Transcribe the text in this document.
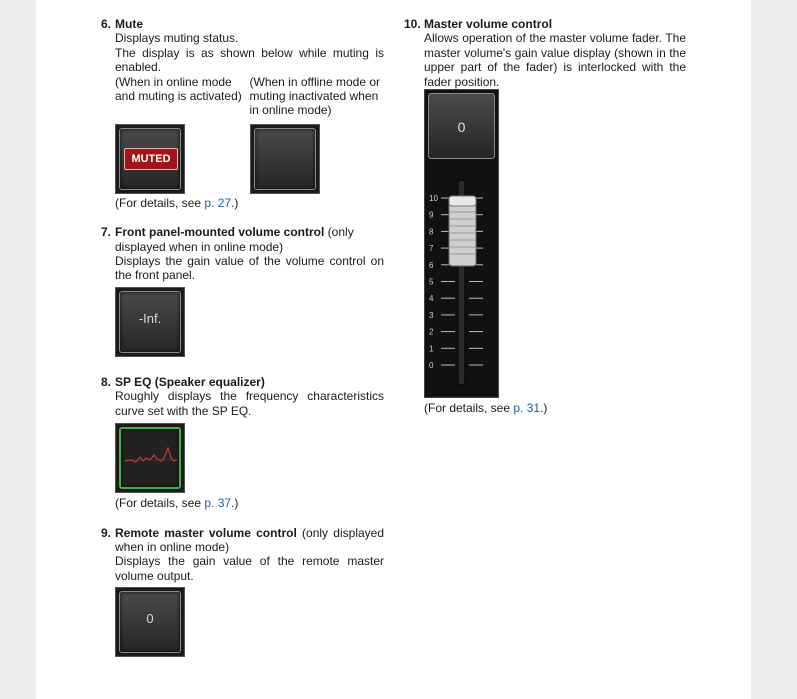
6. Mute
Displays muting status.
The display is as shown below while muting is enabled.
(When in online mode and muting is activated)
(When in offline mode or muting inactivated when in online mode)
MUTED
(For details, see p. 27.)
7. Front panel-mounted volume control (only displayed when in online mode)
Displays the gain value of the volume control on the front panel.
-Inf.
8. SP EQ (Speaker equalizer)
Roughly displays the frequency characteristics curve set with the SP EQ.
(For details, see p. 37.)
9. Remote master volume control (only displayed when in online mode)
Displays the gain value of the remote master volume output.
0
10. Master volume control
Allows operation of the master volume fader. The master volume's gain value display (shown in the upper part of the fader) is interlocked with the fader position.
0
10
9
8
7
6
5
4
3
2
1
0
(For details, see p. 31.)
